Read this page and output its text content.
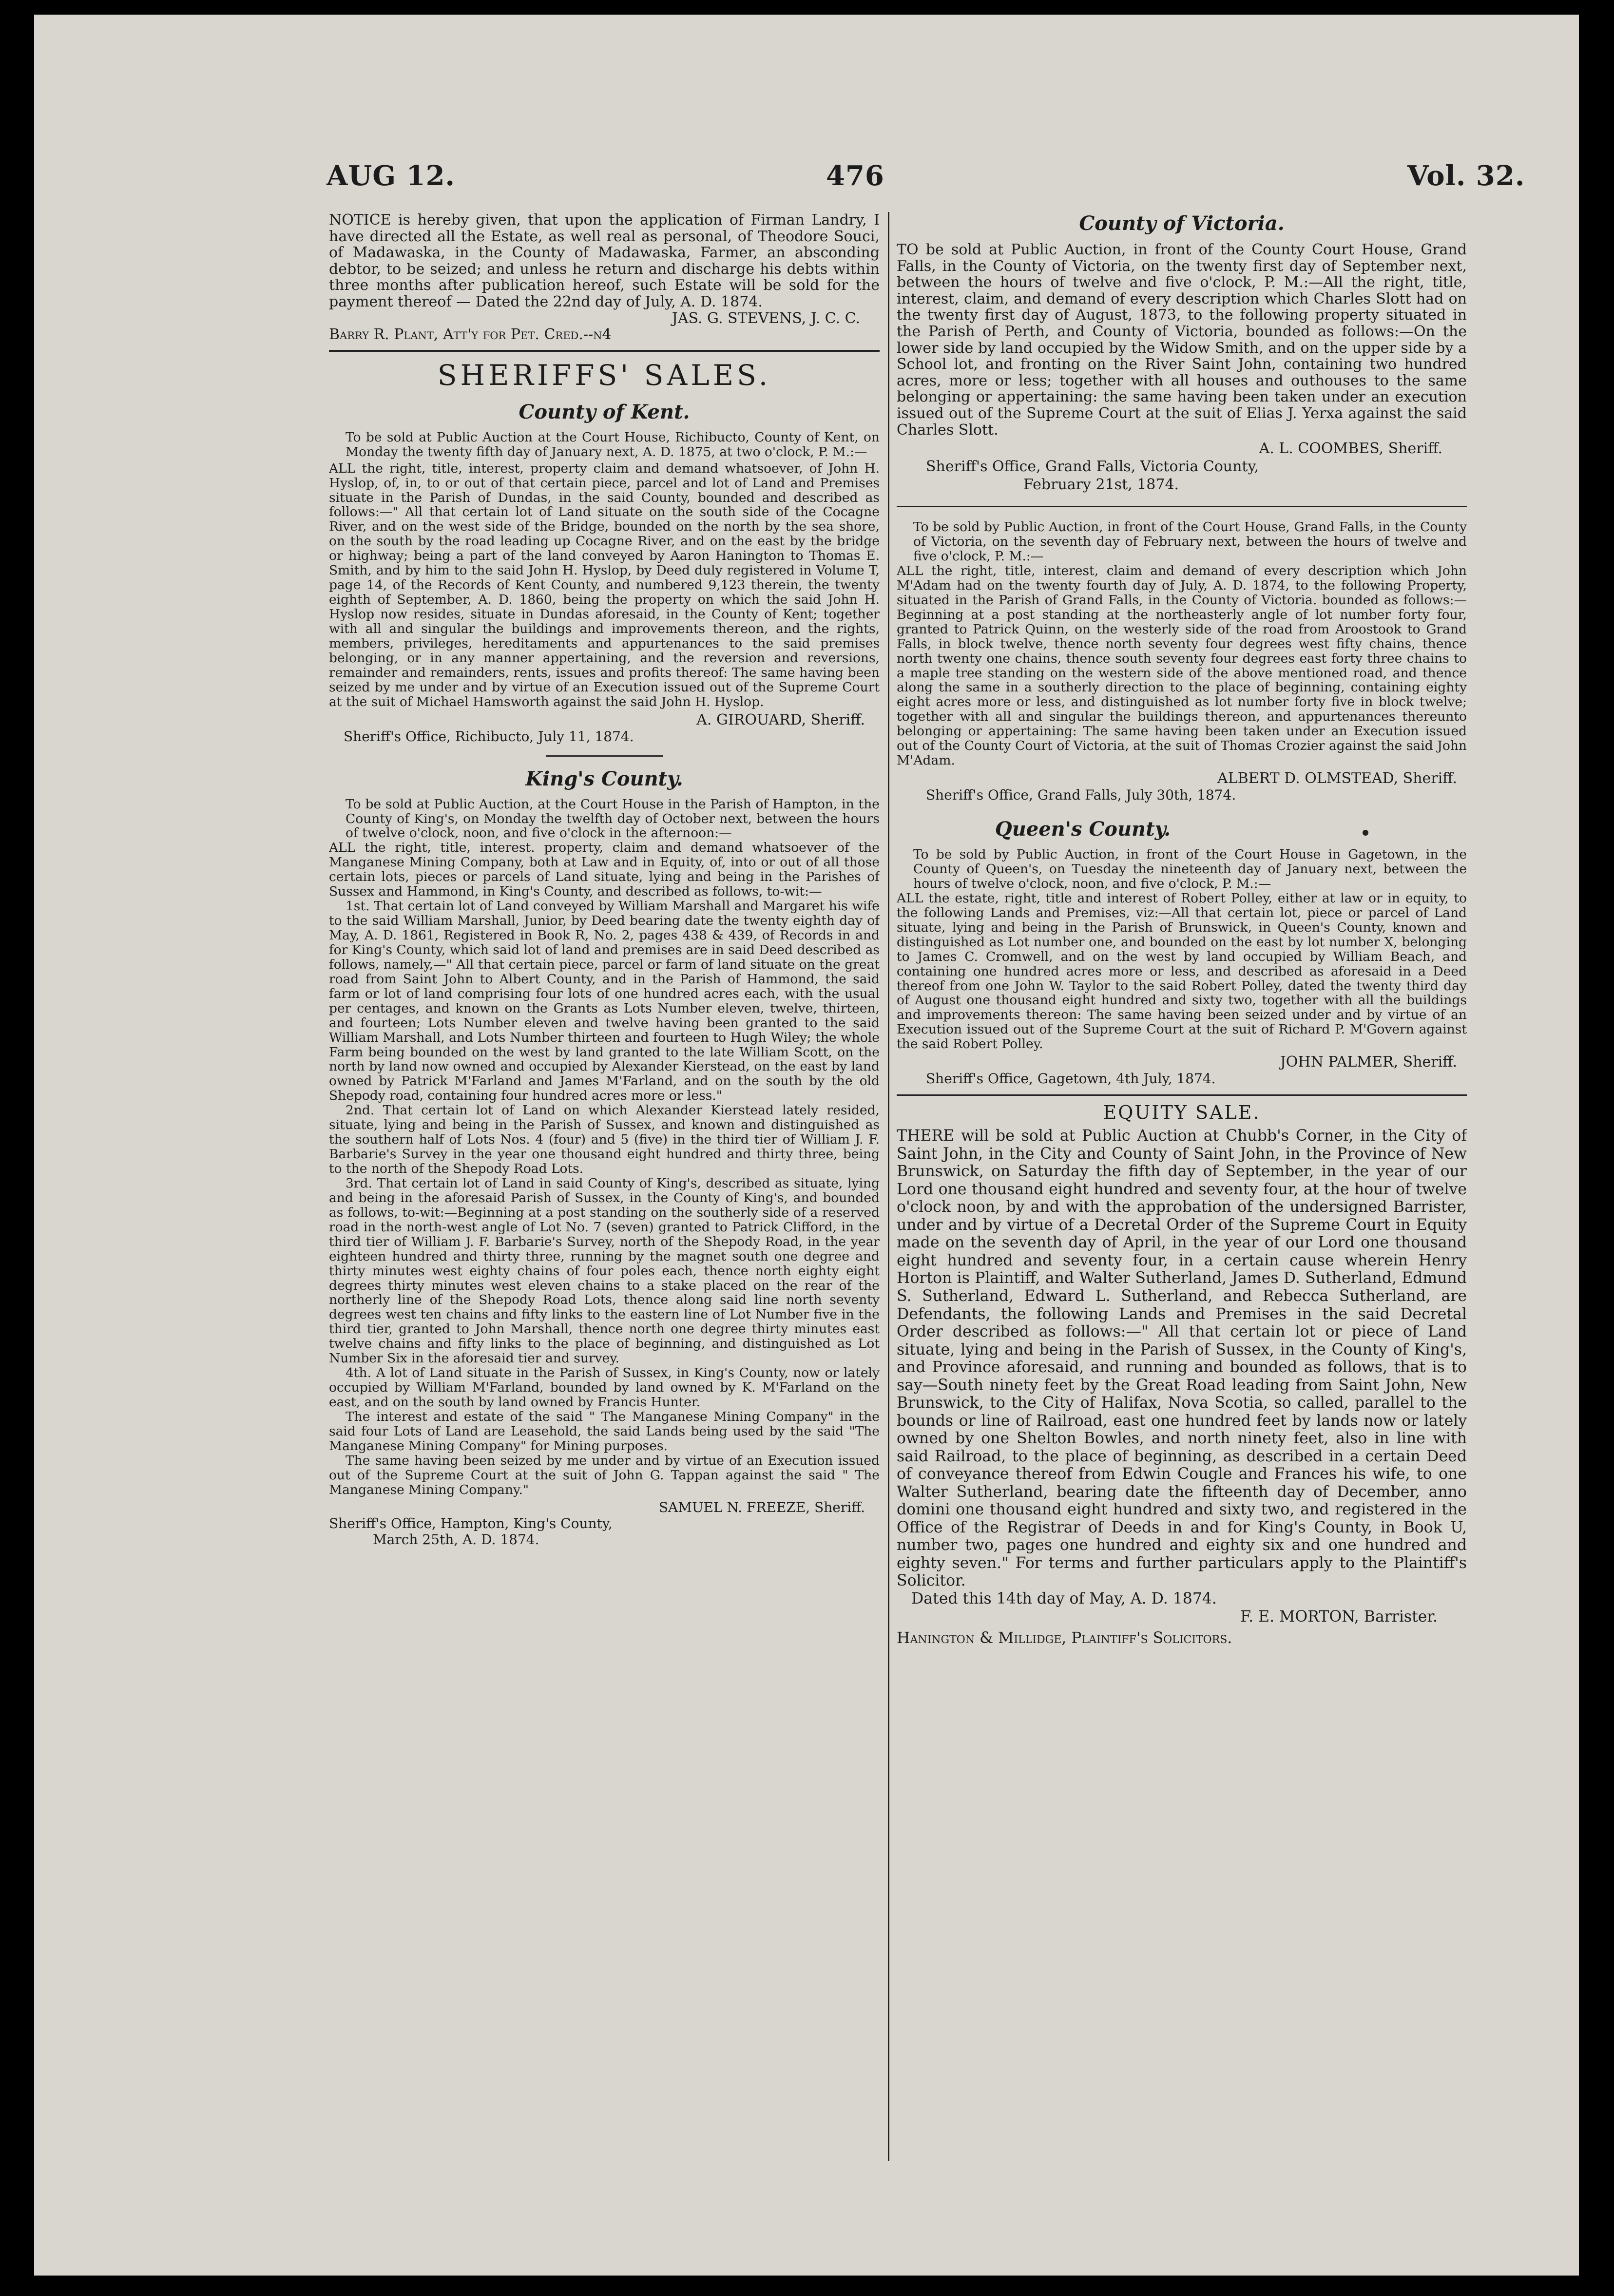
AUG 12.	476	Vol. 32.

NOTICE is hereby given, that upon the application of Firman Landry, I have directed all the Estate, as well real as personal, of Theodore Souci, of Madawaska, in the County of Madawaska, Farmer, an absconding debtor, to be seized; and unless he return and discharge his debts within three months after publication hereof, such Estate will be sold for the payment thereof — Dated the 22nd day of July, A. D. 1874.

JAS. G. STEVENS, J. C. C.

Barry R. Plant, Att'y for Pet. Cred.--n4

SHERIFFS' SALES.
County of Kent.

To be sold at Public Auction at the Court House, Richibucto, County of Kent, on Monday the twenty fifth day of January next, A. D. 1875, at two o'clock, P. M.:—

ALL the right, title, interest, property claim and demand whatsoever, of John H. Hyslop, of, in, to or out of that certain piece, parcel and lot of Land and Premises situate in the Parish of Dundas, in the said County, bounded and described as follows:—" All that certain lot of Land situate on the south side of the Cocagne River, and on the west side of the Bridge, bounded on the north by the sea shore, on the south by the road leading up Cocagne River, and on the east by the bridge or highway; being a part of the land conveyed by Aaron Hanington to Thomas E. Smith, and by him to the said John H. Hyslop, by Deed duly registered in Volume T, page 14, of the Records of Kent County, and numbered 9,123 therein, the twenty eighth of September, A. D. 1860, being the property on which the said John H. Hyslop now resides, situate in Dundas aforesaid, in the County of Kent; together with all and singular the buildings and improvements thereon, and the rights, members, privileges, hereditaments and appurtenances to the said premises belonging, or in any manner appertaining, and the reversion and reversions, remainder and remainders, rents, issues and profits thereof: The same having been seized by me under and by virtue of an Execution issued out of the Supreme Court at the suit of Michael Hamsworth against the said John H. Hyslop.

A. GIROUARD, Sheriff.

Sheriff's Office, Richibucto, July 11, 1874.

King's County.

To be sold at Public Auction, at the Court House in the Parish of Hampton, in the County of King's, on Monday the twelfth day of October next, between the hours of twelve o'clock, noon, and five o'clock in the afternoon:—

ALL the right, title, interest. property, claim and demand whatsoever of the Manganese Mining Company, both at Law and in Equity, of, into or out of all those certain lots, pieces or parcels of Land situate, lying and being in the Parishes of Sussex and Hammond, in King's County, and described as follows, to-wit:—

1st. That certain lot of Land conveyed by William Marshall and Margaret his wife to the said William Marshall, Junior, by Deed bearing date the twenty eighth day of May, A. D. 1861, Registered in Book R, No. 2, pages 438 & 439, of Records in and for King's County, which said lot of land and premises are in said Deed described as follows, namely,—" All that certain piece, parcel or farm of land situate on the great road from Saint John to Albert County, and in the Parish of Hammond, the said farm or lot of land comprising four lots of one hundred acres each, with the usual per centages, and known on the Grants as Lots Number eleven, twelve, thirteen, and fourteen; Lots Number eleven and twelve having been granted to the said William Marshall, and Lots Number thirteen and fourteen to Hugh Wiley; the whole Farm being bounded on the west by land granted to the late William Scott, on the north by land now owned and occupied by Alexander Kierstead, on the east by land owned by Patrick M'Farland and James M'Farland, and on the south by the old Shepody road, containing four hundred acres more or less."

2nd. That certain lot of Land on which Alexander Kierstead lately resided, situate, lying and being in the Parish of Sussex, and known and distinguished as the southern half of Lots Nos. 4 (four) and 5 (five) in the third tier of William J. F. Barbarie's Survey in the year one thousand eight hundred and thirty three, being to the north of the Shepody Road Lots.

3rd. That certain lot of Land in said County of King's, described as situate, lying and being in the aforesaid Parish of Sussex, in the County of King's, and bounded as follows, to-wit:—Beginning at a post standing on the southerly side of a reserved road in the north-west angle of Lot No. 7 (seven) granted to Patrick Clifford, in the third tier of William J. F. Barbarie's Survey, north of the Shepody Road, in the year eighteen hundred and thirty three, running by the magnet south one degree and thirty minutes west eighty chains of four poles each, thence north eighty eight degrees thirty minutes west eleven chains to a stake placed on the rear of the northerly line of the Shepody Road Lots, thence along said line north seventy degrees west ten chains and fifty links to the eastern line of Lot Number five in the third tier, granted to John Marshall, thence north one degree thirty minutes east twelve chains and fifty links to the place of beginning, and distinguished as Lot Number Six in the aforesaid tier and survey.

4th. A lot of Land situate in the Parish of Sussex, in King's County, now or lately occupied by William M'Farland, bounded by land owned by K. M'Farland on the east, and on the south by land owned by Francis Hunter.

The interest and estate of the said " The Manganese Mining Company" in the said four Lots of Land are Leasehold, the said Lands being used by the said "The Manganese Mining Company" for Mining purposes.

The same having been seized by me under and by virtue of an Execution issued out of the Supreme Court at the suit of John G. Tappan against the said " The Manganese Mining Company."

SAMUEL N. FREEZE, Sheriff.

Sheriff's Office, Hampton, King's County,

March 25th, A. D. 1874.

County of Victoria.

TO be sold at Public Auction, in front of the County Court House, Grand Falls, in the County of Victoria, on the twenty first day of September next, between the hours of twelve and five o'clock, P. M.:—All the right, title, interest, claim, and demand of every description which Charles Slott had on the twenty first day of August, 1873, to the following property situated in the Parish of Perth, and County of Victoria, bounded as follows:—On the lower side by land occupied by the Widow Smith, and on the upper side by a School lot, and fronting on the River Saint John, containing two hundred acres, more or less; together with all houses and outhouses to the same belonging or appertaining: the same having been taken under an execution issued out of the Supreme Court at the suit of Elias J. Yerxa against the said Charles Slott.

A. L. COOMBES, Sheriff.

Sheriff's Office, Grand Falls, Victoria County,

February 21st, 1874.

To be sold by Public Auction, in front of the Court House, Grand Falls, in the County of Victoria, on the seventh day of February next, between the hours of twelve and five o'clock, P. M.:—

ALL the right, title, interest, claim and demand of every description which John M'Adam had on the twenty fourth day of July, A. D. 1874, to the following Property, situated in the Parish of Grand Falls, in the County of Victoria. bounded as follows:—Beginning at a post standing at the northeasterly angle of lot number forty four, granted to Patrick Quinn, on the westerly side of the road from Aroostook to Grand Falls, in block twelve, thence north seventy four degrees west fifty chains, thence north twenty one chains, thence south seventy four degrees east forty three chains to a maple tree standing on the western side of the above mentioned road, and thence along the same in a southerly direction to the place of beginning, containing eighty eight acres more or less, and distinguished as lot number forty five in block twelve; together with all and singular the buildings thereon, and appurtenances thereunto belonging or appertaining: The same having been taken under an Execution issued out of the County Court of Victoria, at the suit of Thomas Crozier against the said John M'Adam.

ALBERT D. OLMSTEAD, Sheriff.

Sheriff's Office, Grand Falls, July 30th, 1874.

Queen's County.

To be sold by Public Auction, in front of the Court House in Gagetown, in the County of Queen's, on Tuesday the nineteenth day of January next, between the hours of twelve o'clock, noon, and five o'clock, P. M.:—

ALL the estate, right, title and interest of Robert Polley, either at law or in equity, to the following Lands and Premises, viz:—All that certain lot, piece or parcel of Land situate, lying and being in the Parish of Brunswick, in Queen's County, known and distinguished as Lot number one, and bounded on the east by lot number X, belonging to James C. Cromwell, and on the west by land occupied by William Beach, and containing one hundred acres more or less, and described as aforesaid in a Deed thereof from one John W. Taylor to the said Robert Polley, dated the twenty third day of August one thousand eight hundred and sixty two, together with all the buildings and improvements thereon: The same having been seized under and by virtue of an Execution issued out of the Supreme Court at the suit of Richard P. M'Govern against the said Robert Polley.

JOHN PALMER, Sheriff.

Sheriff's Office, Gagetown, 4th July, 1874.

EQUITY SALE.

THERE will be sold at Public Auction at Chubb's Corner, in the City of Saint John, in the City and County of Saint John, in the Province of New Brunswick, on Saturday the fifth day of September, in the year of our Lord one thousand eight hundred and seventy four, at the hour of twelve o'clock noon, by and with the approbation of the undersigned Barrister, under and by virtue of a Decretal Order of the Supreme Court in Equity made on the seventh day of April, in the year of our Lord one thousand eight hundred and seventy four, in a certain cause wherein Henry Horton is Plaintiff, and Walter Sutherland, James D. Sutherland, Edmund S. Sutherland, Edward L. Sutherland, and Rebecca Sutherland, are Defendants, the following Lands and Premises in the said Decretal Order described as follows:—" All that certain lot or piece of Land situate, lying and being in the Parish of Sussex, in the County of King's, and Province aforesaid, and running and bounded as follows, that is to say—South ninety feet by the Great Road leading from Saint John, New Brunswick, to the City of Halifax, Nova Scotia, so called, parallel to the bounds or line of Railroad, east one hundred feet by lands now or lately owned by one Shelton Bowles, and north ninety feet, also in line with said Railroad, to the place of beginning, as described in a certain Deed of conveyance thereof from Edwin Cougle and Frances his wife, to one Walter Sutherland, bearing date the fifteenth day of December, anno domini one thousand eight hundred and sixty two, and registered in the Office of the Registrar of Deeds in and for King's County, in Book U, number two, pages one hundred and eighty six and one hundred and eighty seven." For terms and further particulars apply to the Plaintiff's Solicitor.

Dated this 14th day of May, A. D. 1874.

F. E. MORTON, Barrister.

Hanington & Millidge, Plaintiff's Solicitors.
